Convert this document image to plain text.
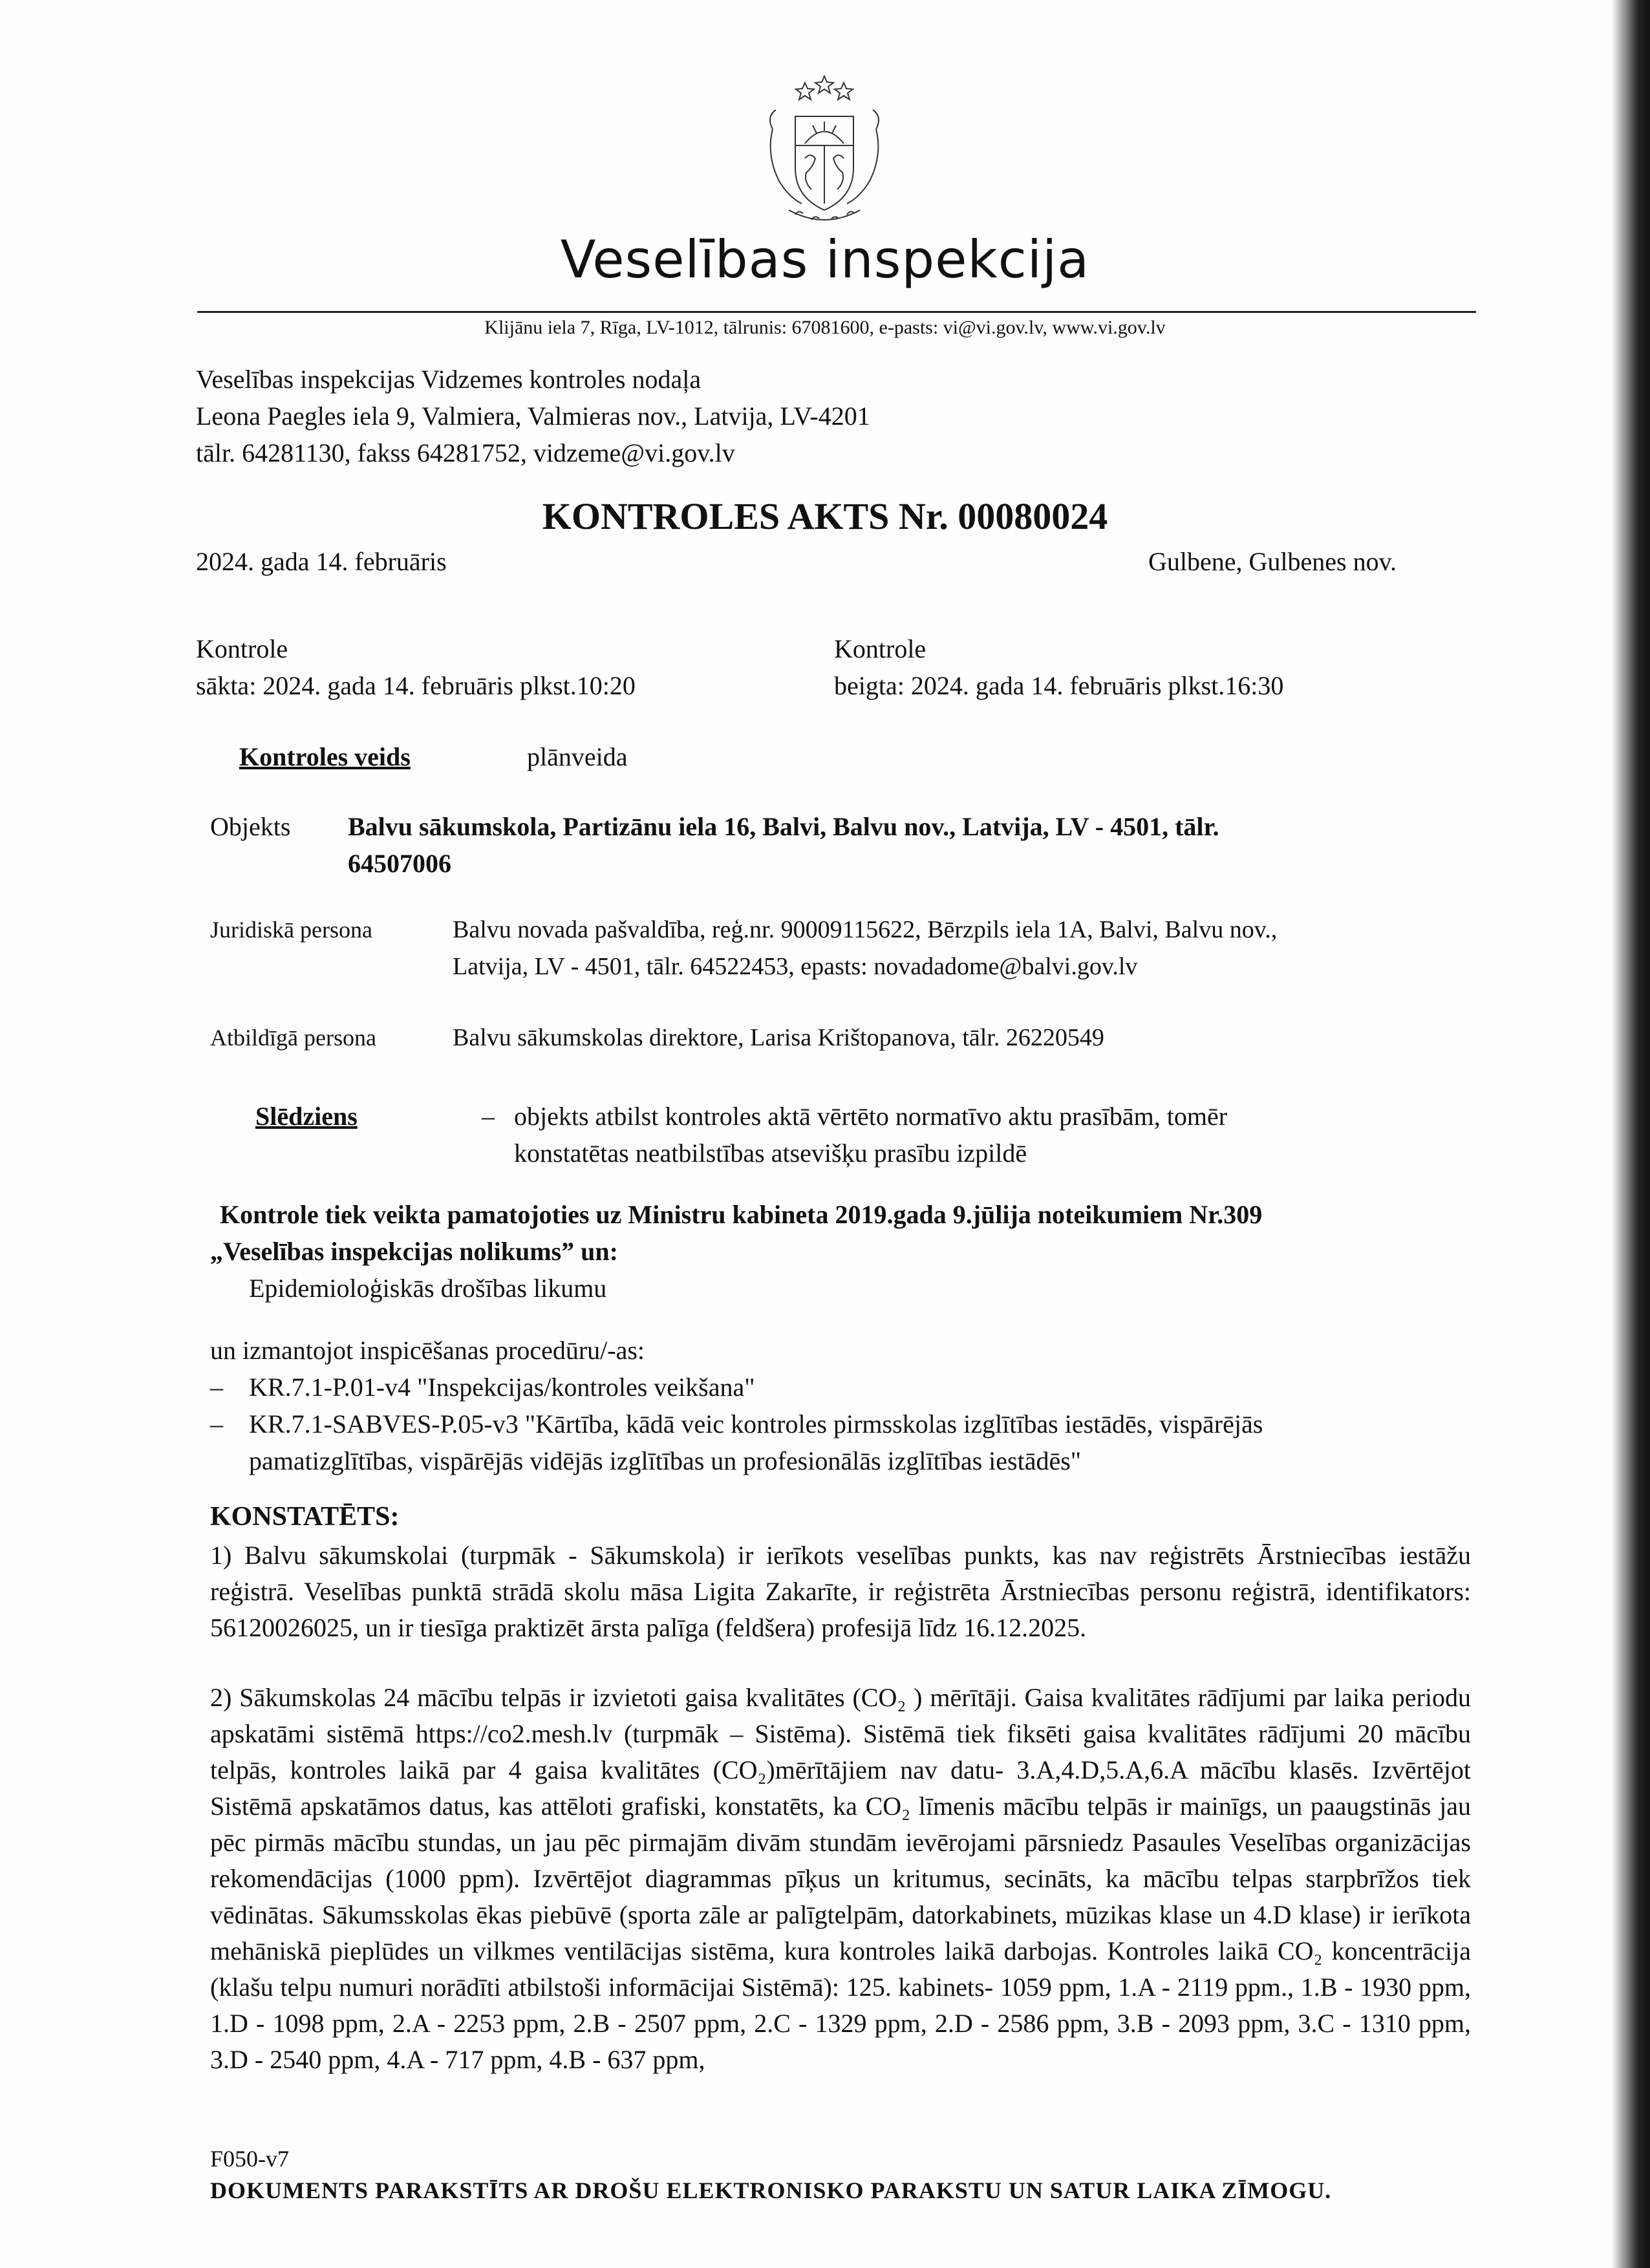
Veselības inspekcija
Klijānu iela 7, Rīga, LV-1012, tālrunis: 67081600, e-pasts: vi@vi.gov.lv, www.vi.gov.lv
Veselības inspekcijas Vidzemes kontroles nodaļa
Leona Paegles iela 9, Valmiera, Valmieras nov., Latvija, LV-4201
tālr. 64281130, fakss 64281752, vidzeme@vi.gov.lv
KONTROLES AKTS Nr. 00080024
2024. gada 14. februāris	Gulbene, Gulbenes nov.
Kontrole
sākta: 2024. gada 14. februāris plkst.10:20
Kontrole
beigta: 2024. gada 14. februāris plkst.16:30
Kontroles veids	plānveida
Objekts Balvu sākumskola, Partizānu iela 16, Balvi, Balvu nov., Latvija, LV - 4501, tālr.
64507006
Juridiskā persona	Balvu novada pašvaldība, reģ.nr. 90009115622, Bērzpils iela 1A, Balvi, Balvu nov.,
Latvija, LV - 4501, tālr. 64522453, epasts: novadadome@balvi.gov.lv
Atbildīgā persona	Balvu sākumskolas direktore, Larisa Krištopanova, tālr. 26220549
Slēdziens	– objekts atbilst kontroles aktā vērtēto normatīvo aktu prasībām, tomēr
konstatētas neatbilstības atsevišķu prasību izpildē
Kontrole tiek veikta pamatojoties uz Ministru kabineta 2019.gada 9.jūlija noteikumiem Nr.309
„Veselības inspekcijas nolikums” un:
Epidemioloģiskās drošības likumu
un izmantojot inspicēšanas procedūru/-as:
– KR.7.1-P.01-v4 "Inspekcijas/kontroles veikšana"
– KR.7.1-SABVES-P.05-v3 "Kārtība, kādā veic kontroles pirmsskolas izglītības iestādēs, vispārējās
pamatizglītības, vispārējās vidējās izglītības un profesionālās izglītības iestādēs"
KONSTATĒTS:
1) Balvu sākumskolai (turpmāk - Sākumskola) ir ierīkots veselības punkts, kas nav reģistrēts Ārstniecības iestāžu reģistrā. Veselības punktā strādā skolu māsa Ligita Zakarīte, ir reģistrēta Ārstniecības personu reģistrā, identifikators: 56120026025, un ir tiesīga praktizēt ārsta palīga (feldšera) profesijā līdz 16.12.2025.
2) Sākumskolas 24 mācību telpās ir izvietoti gaisa kvalitātes (CO₂ ) mērītāji. Gaisa kvalitātes rādījumi par laika periodu apskatāmi sistēmā https://co2.mesh.lv (turpmāk – Sistēma). Sistēmā tiek fiksēti gaisa kvalitātes rādījumi 20 mācību telpās, kontroles laikā par 4 gaisa kvalitātes (CO₂)mērītājiem nav datu- 3.A,4.D,5.A,6.A mācību klasēs. Izvērtējot Sistēmā apskatāmos datus, kas attēloti grafiski, konstatēts, ka CO₂ līmenis mācību telpās ir mainīgs, un paaugstinās jau pēc pirmās mācību stundas, un jau pēc pirmajām divām stundām ievērojami pārsniedz Pasaules Veselības organizācijas rekomendācijas (1000 ppm). Izvērtējot diagrammas pīķus un kritumus, secināts, ka mācību telpas starpbrīžos tiek vēdinātas. Sākumsskolas ēkas piebūvē (sporta zāle ar palīgtelpām, datorkabinets, mūzikas klase un 4.D klase) ir ierīkota mehāniskā pieplūdes un vilkmes ventilācijas sistēma, kura kontroles laikā darbojas. Kontroles laikā CO₂ koncentrācija (klašu telpu numuri norādīti atbilstoši informācijai Sistēmā): 125. kabinets- 1059 ppm, 1.A - 2119 ppm., 1.B - 1930 ppm, 1.D - 1098 ppm, 2.A - 2253 ppm, 2.B - 2507 ppm, 2.C - 1329 ppm, 2.D - 2586 ppm, 3.B - 2093 ppm, 3.C - 1310 ppm, 3.D - 2540 ppm, 4.A - 717 ppm, 4.B - 637 ppm,
F050-v7
DOKUMENTS PARAKSTĪTS AR DROŠU ELEKTRONISKO PARAKSTU UN SATUR LAIKA ZĪMOGU.
